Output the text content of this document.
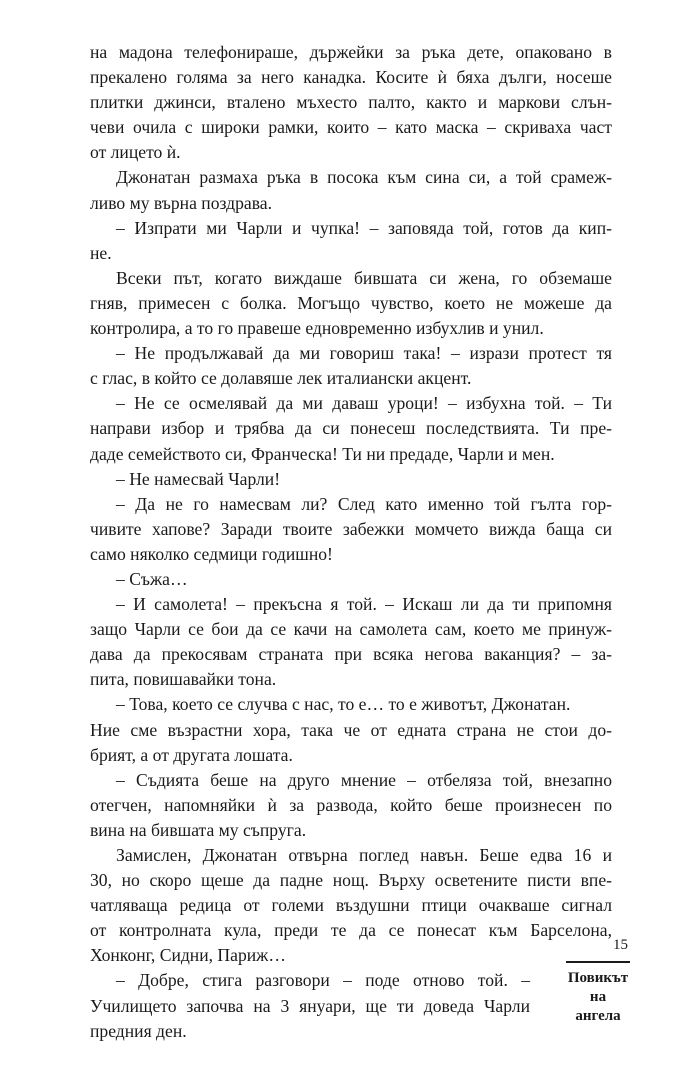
на мадона телефонираше, държейки за ръка дете, опаковано в
прекалено голяма за него канадка. Косите ѝ бяха дълги, носеше
плитки джинси, вталено мъхесто палто, както и маркови слън-
чеви очила с широки рамки, които – като маска – скриваха част
от лицето ѝ.
Джонатан размаха ръка в посока към сина си, а той срамеж-
ливо му върна поздрава.
– Изпрати ми Чарли и чупка! – заповяда той, готов да кип-
не.
Всеки път, когато виждаше бившата си жена, го обземаше
гняв, примесен с болка. Могъщо чувство, което не можеше да
контролира, а то го правеше едновременно избухлив и унил.
– Не продължавай да ми говориш така! – изрази протест тя
с глас, в който се долавяше лек италиански акцент.
– Не се осмелявай да ми даваш уроци! – избухна той. – Ти
направи избор и трябва да си понесеш последствията. Ти пре-
даде семейството си, Франческа! Ти ни предаде, Чарли и мен.
– Не намесвай Чарли!
– Да не го намесвам ли? След като именно той гълта гор-
чивите хапове? Заради твоите забежки момчето вижда баща си
само няколко седмици годишно!
– Съжа…
– И самолета! – прекъсна я той. – Искаш ли да ти припомня
защо Чарли се бои да се качи на самолета сам, което ме принуж-
дава да прекосявам страната при всяка негова ваканция? – за-
пита, повишавайки тона.
– Това, което се случва с нас, то е… то е животът, Джонатан.
Ние сме възрастни хора, така че от едната страна не стои до-
брият, а от другата лошата.
– Съдията беше на друго мнение – отбеляза той, внезапно
отегчен, напомняйки ѝ за развода, който беше произнесен по
вина на бившата му съпруга.
Замислен, Джонатан отвърна поглед навън. Беше едва 16 и
30, но скоро щеше да падне нощ. Върху осветените писти впе-
чатляваща редица от големи въздушни птици очакваше сигнал
от контролната кула, преди те да се понесат към Барселона,
Хонконг, Сидни, Париж…
– Добре, стига разговори – поде отново той. –
Училището започва на 3 януари, ще ти доведа Чарли
предния ден.
15
Повикът
на ангела
